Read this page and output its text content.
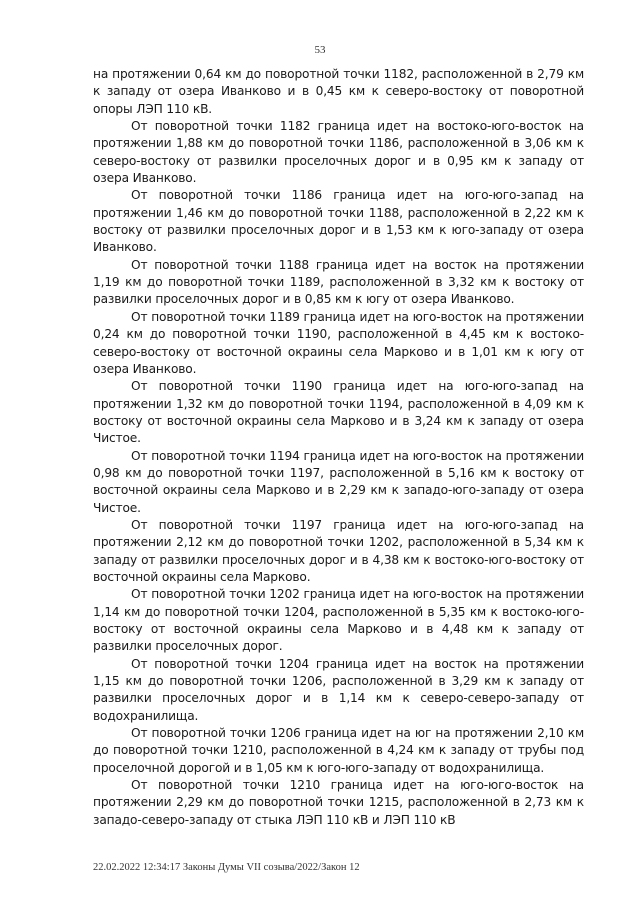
53

на протяжении 0,64 км до поворотной точки 1182, расположенной в 2,79 км к западу от озера Иванково и в 0,45 км к северо-востоку от поворотной опоры ЛЭП 110 кВ.

От поворотной точки 1182 граница идет на востоко-юго-восток на протяжении 1,88 км до поворотной точки 1186, расположенной в 3,06 км к северо-востоку от развилки проселочных дорог и в 0,95 км к западу от озера Иванково.

От поворотной точки 1186 граница идет на юго-юго-запад на протяжении 1,46 км до поворотной точки 1188, расположенной в 2,22 км к востоку от развилки проселочных дорог и в 1,53 км к юго-западу от озера Иванково.

От поворотной точки 1188 граница идет на восток на протяжении 1,19 км до поворотной точки 1189, расположенной в 3,32 км к востоку от развилки проселочных дорог и в 0,85 км к югу от озера Иванково.

От поворотной точки 1189 граница идет на юго-восток на протяжении 0,24 км до поворотной точки 1190, расположенной в 4,45 км к востоко-северо-востоку от восточной окраины села Марково и в 1,01 км к югу от озера Иванково.

От поворотной точки 1190 граница идет на юго-юго-запад на протяжении 1,32 км до поворотной точки 1194, расположенной в 4,09 км к востоку от восточной окраины села Марково и в 3,24 км к западу от озера Чистое.

От поворотной точки 1194 граница идет на юго-восток на протяжении 0,98 км до поворотной точки 1197, расположенной в 5,16 км к востоку от восточной окраины села Марково и в 2,29 км к западо-юго-западу от озера Чистое.

От поворотной точки 1197 граница идет на юго-юго-запад на протяжении 2,12 км до поворотной точки 1202, расположенной в 5,34 км к западу от развилки проселочных дорог и в 4,38 км к востоко-юго-востоку от восточной окраины села Марково.

От поворотной точки 1202 граница идет на юго-восток на протяжении 1,14 км до поворотной точки 1204, расположенной в 5,35 км к востоко-юго-востоку от восточной окраины села Марково и в 4,48 км к западу от развилки проселочных дорог.

От поворотной точки 1204 граница идет на восток на протяжении 1,15 км до поворотной точки 1206, расположенной в 3,29 км к западу от развилки проселочных дорог и в 1,14 км к северо-северо-западу от водохранилища.

От поворотной точки 1206 граница идет на юг на протяжении 2,10 км до поворотной точки 1210, расположенной в 4,24 км к западу от трубы под проселочной дорогой и в 1,05 км к юго-юго-западу от водохранилища.

От поворотной точки 1210 граница идет на юго-юго-восток на протяжении 2,29 км до поворотной точки 1215, расположенной в 2,73 км к западо-северо-западу от стыка ЛЭП 110 кВ и ЛЭП 110 кВ

22.02.2022 12:34:17 Законы Думы VII созыва/2022/Закон 12
